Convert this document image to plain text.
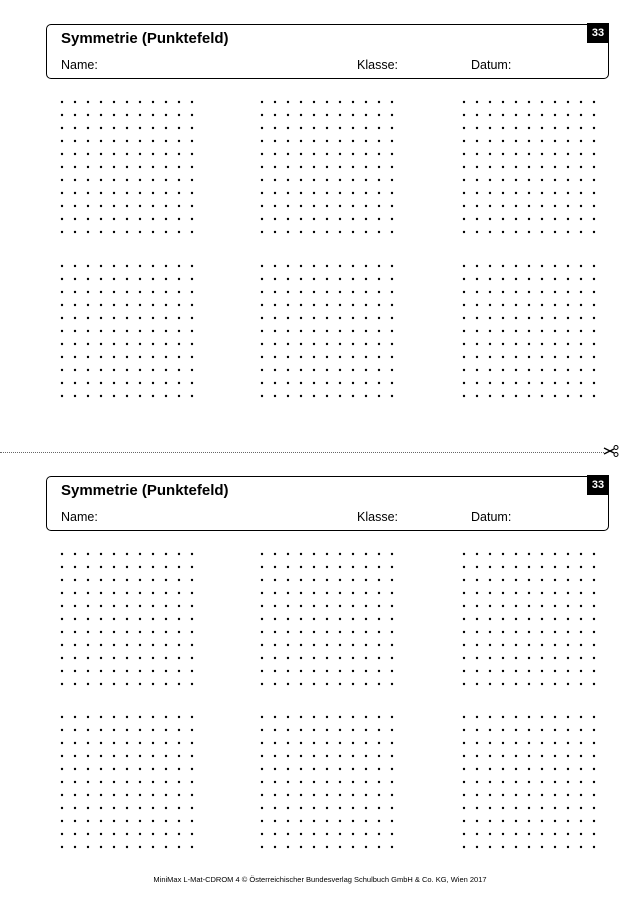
Symmetrie (Punktefeld)
Name:	Klasse:	Datum:
33
Symmetrie (Punktefeld)
Name:	Klasse:	Datum:
33
MiniMax L-Mat-CDROM 4 © Österreichischer Bundesverlag Schulbuch GmbH & Co. KG, Wien 2017
